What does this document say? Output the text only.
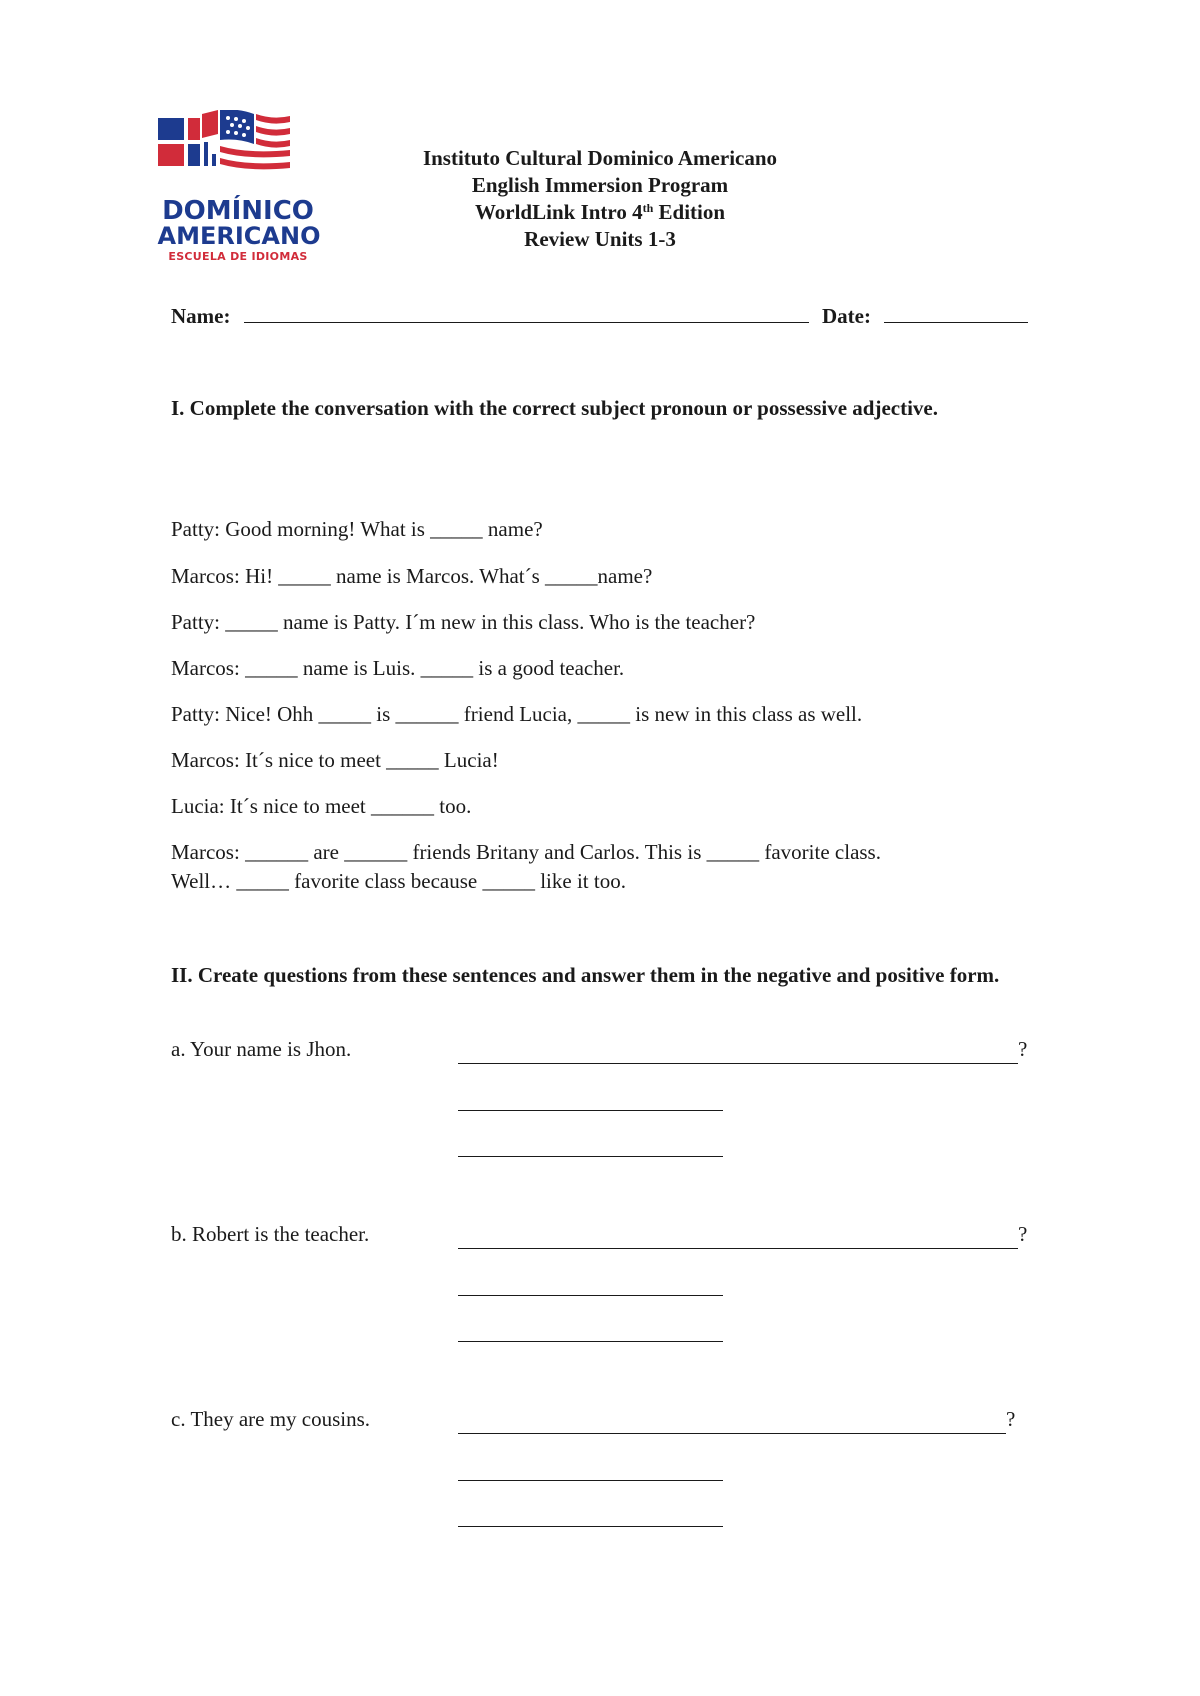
DOMÍNICO
AMERICANO
ESCUELA DE IDIOMAS
Instituto Cultural Dominico Americano
English Immersion Program
WorldLink Intro 4th Edition
Review Units 1-3
Name:	Date:
I. Complete the conversation with the correct subject pronoun or possessive adjective.
Patty: Good morning! What is _____ name?
Marcos: Hi! _____ name is Marcos. What´s _____name?
Patty: _____ name is Patty. I´m new in this class. Who is the teacher?
Marcos: _____ name is Luis. _____ is a good teacher.
Patty: Nice! Ohh _____ is ______ friend Lucia, _____ is new in this class as well.
Marcos: It´s nice to meet _____ Lucia!
Lucia: It´s nice to meet ______ too.
Marcos: ______ are ______ friends Britany and Carlos. This is _____ favorite class.
Well… _____ favorite class because _____ like it too.
II. Create questions from these sentences and answer them in the negative and positive form.
a. Your name is Jhon.	?
b. Robert is the teacher.	?
c. They are my cousins.	?
